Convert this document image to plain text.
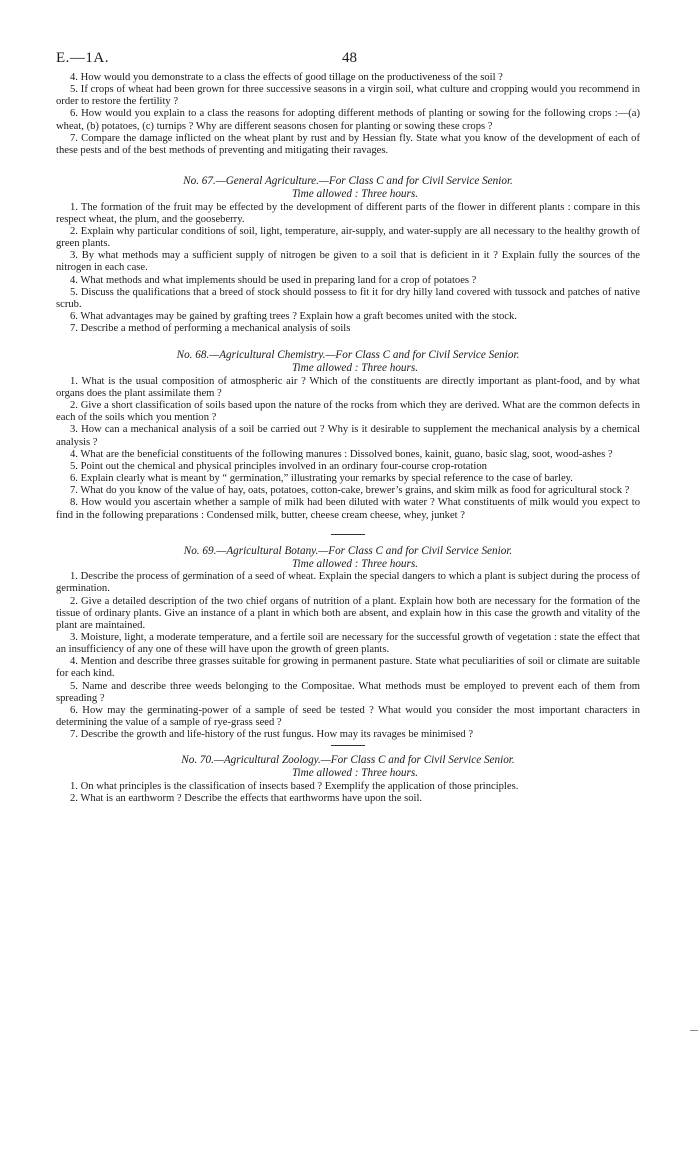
E.—1A.	48

4. How would you demonstrate to a class the effects of good tillage on the productiveness of the soil ?

5. If crops of wheat had been grown for three successive seasons in a virgin soil, what culture and cropping would you recommend in order to restore the fertility ?

6. How would you explain to a class the reasons for adopting different methods of planting or sowing for the following crops :—(a) wheat, (b) potatoes, (c) turnips ? Why are different seasons chosen for planting or sowing these crops ?

7. Compare the damage inflicted on the wheat plant by rust and by Hessian fly. State what you know of the development of each of these pests and of the best methods of preventing and mitigating their ravages.

No. 67.—General Agriculture.—For Class C and for Civil Service Senior.

Time allowed : Three hours.

1. The formation of the fruit may be effected by the development of different parts of the flower in different plants : compare in this respect wheat, the plum, and the gooseberry.

2. Explain why particular conditions of soil, light, temperature, air-supply, and water-supply are all necessary to the healthy growth of green plants.

3. By what methods may a sufficient supply of nitrogen be given to a soil that is deficient in it ? Explain fully the sources of the nitrogen in each case.

4. What methods and what implements should be used in preparing land for a crop of potatoes ?

5. Discuss the qualifications that a breed of stock should possess to fit it for dry hilly land covered with tussock and patches of native scrub.

6. What advantages may be gained by grafting trees ? Explain how a graft becomes united with the stock.

7. Describe a method of performing a mechanical analysis of soils

No. 68.—Agricultural Chemistry.—For Class C and for Civil Service Senior.

Time allowed : Three hours.

1. What is the usual composition of atmospheric air ? Which of the constituents are directly important as plant-food, and by what organs does the plant assimilate them ?

2. Give a short classification of soils based upon the nature of the rocks from which they are derived. What are the common defects in each of the soils which you mention ?

3. How can a mechanical analysis of a soil be carried out ? Why is it desirable to supplement the mechanical analysis by a chemical analysis ?

4. What are the beneficial constituents of the following manures : Dissolved bones, kainit, guano, basic slag, soot, wood-ashes ?

5. Point out the chemical and physical principles involved in an ordinary four-course crop-rotation

6. Explain clearly what is meant by “ germination,” illustrating your remarks by special reference to the case of barley.

7. What do you know of the value of hay, oats, potatoes, cotton-cake, brewer’s grains, and skim milk as food for agricultural stock ?

8. How would you ascertain whether a sample of milk had been diluted with water ? What constituents of milk would you expect to find in the following preparations : Condensed milk, butter, cheese cream cheese, whey, junket ?

No. 69.—Agricultural Botany.—For Class C and for Civil Service Senior.

Time allowed : Three hours.

1. Describe the process of germination of a seed of wheat. Explain the special dangers to which a plant is subject during the process of germination.

2. Give a detailed description of the two chief organs of nutrition of a plant. Explain how both are necessary for the formation of the tissue of ordinary plants. Give an instance of a plant in which both are absent, and explain how in this case the growth and vitality of the plant are maintained.

3. Moisture, light, a moderate temperature, and a fertile soil are necessary for the successful growth of vegetation : state the effect that an insufficiency of any one of these will have upon the growth of green plants.

4. Mention and describe three grasses suitable for growing in permanent pasture. State what peculiarities of soil or climate are suitable for each kind.

5. Name and describe three weeds belonging to the Compositae. What methods must be employed to prevent each of them from spreading ?

6. How may the germinating-power of a sample of seed be tested ? What would you consider the most important characters in determining the value of a sample of rye-grass seed ?

7. Describe the growth and life-history of the rust fungus. How may its ravages be minimised ?

No. 70.—Agricultural Zoology.—For Class C and for Civil Service Senior.

Time allowed : Three hours.

1. On what principles is the classification of insects based ? Exemplify the application of those principles.

2. What is an earthworm ? Describe the effects that earthworms have upon the soil.
